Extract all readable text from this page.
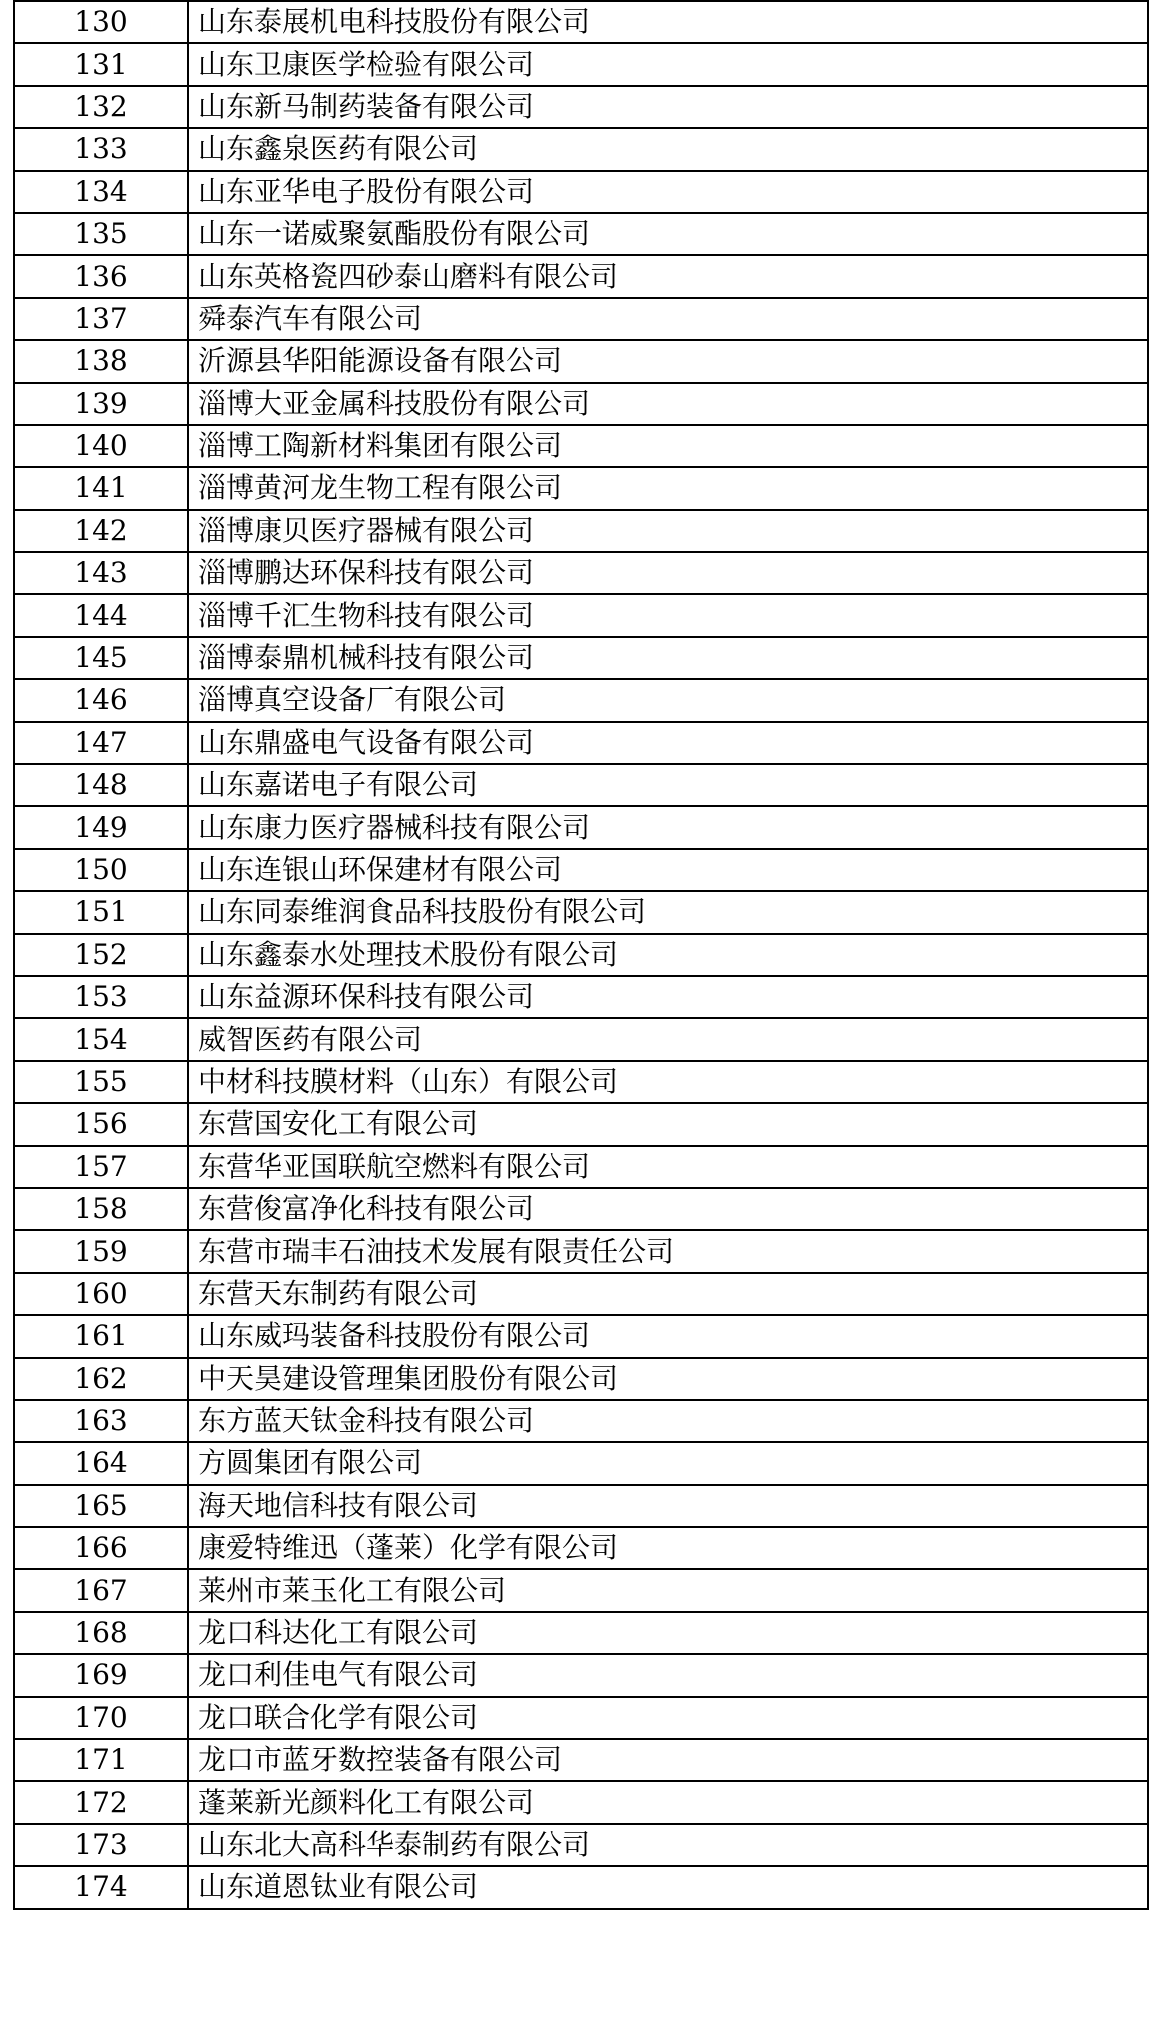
130	山东泰展机电科技股份有限公司
131	山东卫康医学检验有限公司
132	山东新马制药装备有限公司
133	山东鑫泉医药有限公司
134	山东亚华电子股份有限公司
135	山东一诺威聚氨酯股份有限公司
136	山东英格瓷四砂泰山磨料有限公司
137	舜泰汽车有限公司
138	沂源县华阳能源设备有限公司
139	淄博大亚金属科技股份有限公司
140	淄博工陶新材料集团有限公司
141	淄博黄河龙生物工程有限公司
142	淄博康贝医疗器械有限公司
143	淄博鹏达环保科技有限公司
144	淄博千汇生物科技有限公司
145	淄博泰鼎机械科技有限公司
146	淄博真空设备厂有限公司
147	山东鼎盛电气设备有限公司
148	山东嘉诺电子有限公司
149	山东康力医疗器械科技有限公司
150	山东连银山环保建材有限公司
151	山东同泰维润食品科技股份有限公司
152	山东鑫泰水处理技术股份有限公司
153	山东益源环保科技有限公司
154	威智医药有限公司
155	中材科技膜材料（山东）有限公司
156	东营国安化工有限公司
157	东营华亚国联航空燃料有限公司
158	东营俊富净化科技有限公司
159	东营市瑞丰石油技术发展有限责任公司
160	东营天东制药有限公司
161	山东威玛装备科技股份有限公司
162	中天昊建设管理集团股份有限公司
163	东方蓝天钛金科技有限公司
164	方圆集团有限公司
165	海天地信科技有限公司
166	康爱特维迅（蓬莱）化学有限公司
167	莱州市莱玉化工有限公司
168	龙口科达化工有限公司
169	龙口利佳电气有限公司
170	龙口联合化学有限公司
171	龙口市蓝牙数控装备有限公司
172	蓬莱新光颜料化工有限公司
173	山东北大高科华泰制药有限公司
174	山东道恩钛业有限公司
